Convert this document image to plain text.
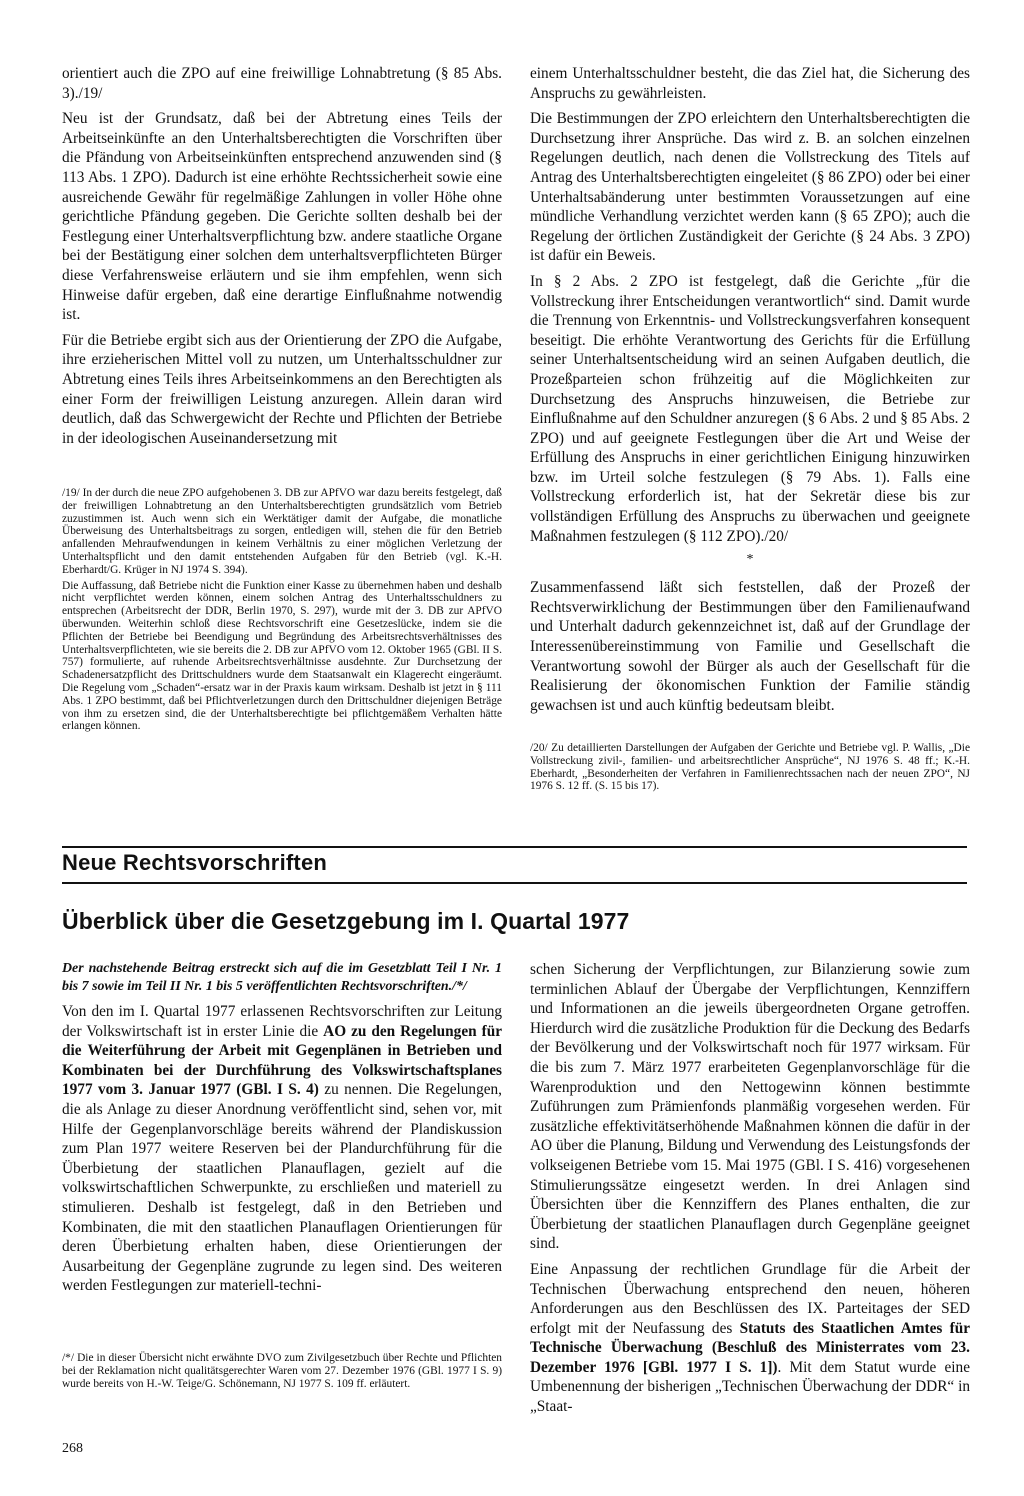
orientiert auch die ZPO auf eine freiwillige Lohnabtretung (§ 85 Abs. 3)./19/

Neu ist der Grundsatz, daß bei der Abtretung eines Teils der Arbeitseinkünfte an den Unterhaltsberechtigten die Vorschriften über die Pfändung von Arbeitseinkünften entsprechend anzuwenden sind (§ 113 Abs. 1 ZPO). Dadurch ist eine erhöhte Rechtssicherheit sowie eine ausreichende Gewähr für regelmäßige Zahlungen in voller Höhe ohne gerichtliche Pfändung gegeben. Die Gerichte sollten deshalb bei der Festlegung einer Unterhaltsverpflichtung bzw. andere staatliche Organe bei der Bestätigung einer solchen dem unterhaltsverpflichteten Bürger diese Verfahrensweise erläutern und sie ihm empfehlen, wenn sich Hinweise dafür ergeben, daß eine derartige Einflußnahme notwendig ist.

Für die Betriebe ergibt sich aus der Orientierung der ZPO die Aufgabe, ihre erzieherischen Mittel voll zu nutzen, um Unterhaltsschuldner zur Abtretung eines Teils ihres Arbeitseinkommens an den Berechtigten als einer Form der freiwilligen Leistung anzuregen. Allein daran wird deutlich, daß das Schwergewicht der Rechte und Pflichten der Betriebe in der ideologischen Auseinandersetzung mit

/19/ In der durch die neue ZPO aufgehobenen 3. DB zur APfVO war dazu bereits festgelegt, daß der freiwilligen Lohnabtretung an den Unterhaltsberechtigten grundsätzlich vom Betrieb zuzustimmen ist. Auch wenn sich ein Werktätiger damit der Aufgabe, die monatliche Überweisung des Unterhaltsbeitrags zu sorgen, entledigen will, stehen die für den Betrieb anfallenden Mehraufwendungen in keinem Verhältnis zu einer möglichen Verletzung der Unterhaltspflicht und den damit entstehenden Aufgaben für den Betrieb (vgl. K.-H. Eberhardt/G. Krüger in NJ 1974 S. 394).

Die Auffassung, daß Betriebe nicht die Funktion einer Kasse zu übernehmen haben und deshalb nicht verpflichtet werden können, einem solchen Antrag des Unterhaltsschuldners zu entsprechen (Arbeitsrecht der DDR, Berlin 1970, S. 297), wurde mit der 3. DB zur APfVO überwunden. Weiterhin schloß diese Rechtsvorschrift eine Gesetzeslücke, indem sie die Pflichten der Betriebe bei Beendigung und Begründung des Arbeitsrechtsverhältnisses des Unterhaltsverpflichteten, wie sie bereits die 2. DB zur APfVO vom 12. Oktober 1965 (GBl. II S. 757) formulierte, auf ruhende Arbeitsrechtsverhältnisse ausdehnte. Zur Durchsetzung der Schadenersatzpflicht des Drittschuldners wurde dem Staatsanwalt ein Klagerecht eingeräumt. Die Regelung vom „Schaden“-ersatz war in der Praxis kaum wirksam. Deshalb ist jetzt in § 111 Abs. 1 ZPO bestimmt, daß bei Pflichtverletzungen durch den Drittschuldner diejenigen Beträge von ihm zu ersetzen sind, die der Unterhaltsberechtigte bei pflichtgemäßem Verhalten hätte erlangen können.

einem Unterhaltsschuldner besteht, die das Ziel hat, die Sicherung des Anspruchs zu gewährleisten.

Die Bestimmungen der ZPO erleichtern den Unterhaltsberechtigten die Durchsetzung ihrer Ansprüche. Das wird z. B. an solchen einzelnen Regelungen deutlich, nach denen die Vollstreckung des Titels auf Antrag des Unterhaltsberechtigten eingeleitet (§ 86 ZPO) oder bei einer Unterhaltsabänderung unter bestimmten Voraussetzungen auf eine mündliche Verhandlung verzichtet werden kann (§ 65 ZPO); auch die Regelung der örtlichen Zuständigkeit der Gerichte (§ 24 Abs. 3 ZPO) ist dafür ein Beweis.

In § 2 Abs. 2 ZPO ist festgelegt, daß die Gerichte „für die Vollstreckung ihrer Entscheidungen verantwortlich“ sind. Damit wurde die Trennung von Erkenntnis- und Vollstreckungsverfahren konsequent beseitigt. Die erhöhte Verantwortung des Gerichts für die Erfüllung seiner Unterhaltsentscheidung wird an seinen Aufgaben deutlich, die Prozeßparteien schon frühzeitig auf die Möglichkeiten zur Durchsetzung des Anspruchs hinzuweisen, die Betriebe zur Einflußnahme auf den Schuldner anzuregen (§ 6 Abs. 2 und § 85 Abs. 2 ZPO) und auf geeignete Festlegungen über die Art und Weise der Erfüllung des Anspruchs in einer gerichtlichen Einigung hinzuwirken bzw. im Urteil solche festzulegen (§ 79 Abs. 1). Falls eine Vollstreckung erforderlich ist, hat der Sekretär diese bis zur vollständigen Erfüllung des Anspruchs zu überwachen und geeignete Maßnahmen festzulegen (§ 112 ZPO)./20/

*

Zusammenfassend läßt sich feststellen, daß der Prozeß der Rechtsverwirklichung der Bestimmungen über den Familienaufwand und Unterhalt dadurch gekennzeichnet ist, daß auf der Grundlage der Interessenübereinstimmung von Familie und Gesellschaft die Verantwortung sowohl der Bürger als auch der Gesellschaft für die Realisierung der ökonomischen Funktion der Familie ständig gewachsen ist und auch künftig bedeutsam bleibt.

/20/ Zu detaillierten Darstellungen der Aufgaben der Gerichte und Betriebe vgl. P. Wallis, „Die Vollstreckung zivil-, familien- und arbeitsrechtlicher Ansprüche“, NJ 1976 S. 48 ff.; K.-H. Eberhardt, „Besonderheiten der Verfahren in Familienrechtssachen nach der neuen ZPO“, NJ 1976 S. 12 ff. (S. 15 bis 17).

Neue Rechtsvorschriften
Überblick über die Gesetzgebung im I. Quartal 1977

Der nachstehende Beitrag erstreckt sich auf die im Gesetzblatt Teil I Nr. 1 bis 7 sowie im Teil II Nr. 1 bis 5 veröffentlichten Rechtsvorschriften./*/

Von den im I. Quartal 1977 erlassenen Rechtsvorschriften zur Leitung der Volkswirtschaft ist in erster Linie die AO zu den Regelungen für die Weiterführung der Arbeit mit Gegenplänen in Betrieben und Kombinaten bei der Durchführung des Volkswirtschaftsplanes 1977 vom 3. Januar 1977 (GBl. I S. 4) zu nennen. Die Regelungen, die als Anlage zu dieser Anordnung veröffentlicht sind, sehen vor, mit Hilfe der Gegenplanvorschläge bereits während der Plandiskussion zum Plan 1977 weitere Reserven bei der Plandurchführung für die Überbietung der staatlichen Planauflagen, gezielt auf die volkswirtschaftlichen Schwerpunkte, zu erschließen und materiell zu stimulieren. Deshalb ist festgelegt, daß in den Betrieben und Kombinaten, die mit den staatlichen Planauflagen Orientierungen für deren Überbietung erhalten haben, diese Orientierungen der Ausarbeitung der Gegenpläne zugrunde zu legen sind. Des weiteren werden Festlegungen zur materiell-techni-

/*/ Die in dieser Übersicht nicht erwähnte DVO zum Zivilgesetzbuch über Rechte und Pflichten bei der Reklamation nicht qualitätsgerechter Waren vom 27. Dezember 1976 (GBl. 1977 I S. 9) wurde bereits von H.-W. Teige/G. Schönemann, NJ 1977 S. 109 ff. erläutert.

schen Sicherung der Verpflichtungen, zur Bilanzierung sowie zum terminlichen Ablauf der Übergabe der Verpflichtungen, Kennziffern und Informationen an die jeweils übergeordneten Organe getroffen. Hierdurch wird die zusätzliche Produktion für die Deckung des Bedarfs der Bevölkerung und der Volkswirtschaft noch für 1977 wirksam. Für die bis zum 7. März 1977 erarbeiteten Gegenplanvorschläge für die Warenproduktion und den Nettogewinn können bestimmte Zuführungen zum Prämienfonds planmäßig vorgesehen werden. Für zusätzliche effektivitätserhöhende Maßnahmen können die dafür in der AO über die Planung, Bildung und Verwendung des Leistungsfonds der volkseigenen Betriebe vom 15. Mai 1975 (GBl. I S. 416) vorgesehenen Stimulierungssätze eingesetzt werden. In drei Anlagen sind Übersichten über die Kennziffern des Planes enthalten, die zur Überbietung der staatlichen Planauflagen durch Gegenpläne geeignet sind.

Eine Anpassung der rechtlichen Grundlage für die Arbeit der Technischen Überwachung entsprechend den neuen, höheren Anforderungen aus den Beschlüssen des IX. Parteitages der SED erfolgt mit der Neufassung des Statuts des Staatlichen Amtes für Technische Überwachung (Beschluß des Ministerrates vom 23. Dezember 1976 [GBl. 1977 I S. 1]). Mit dem Statut wurde eine Umbenennung der bisherigen „Technischen Überwachung der DDR“ in „Staat-

268
